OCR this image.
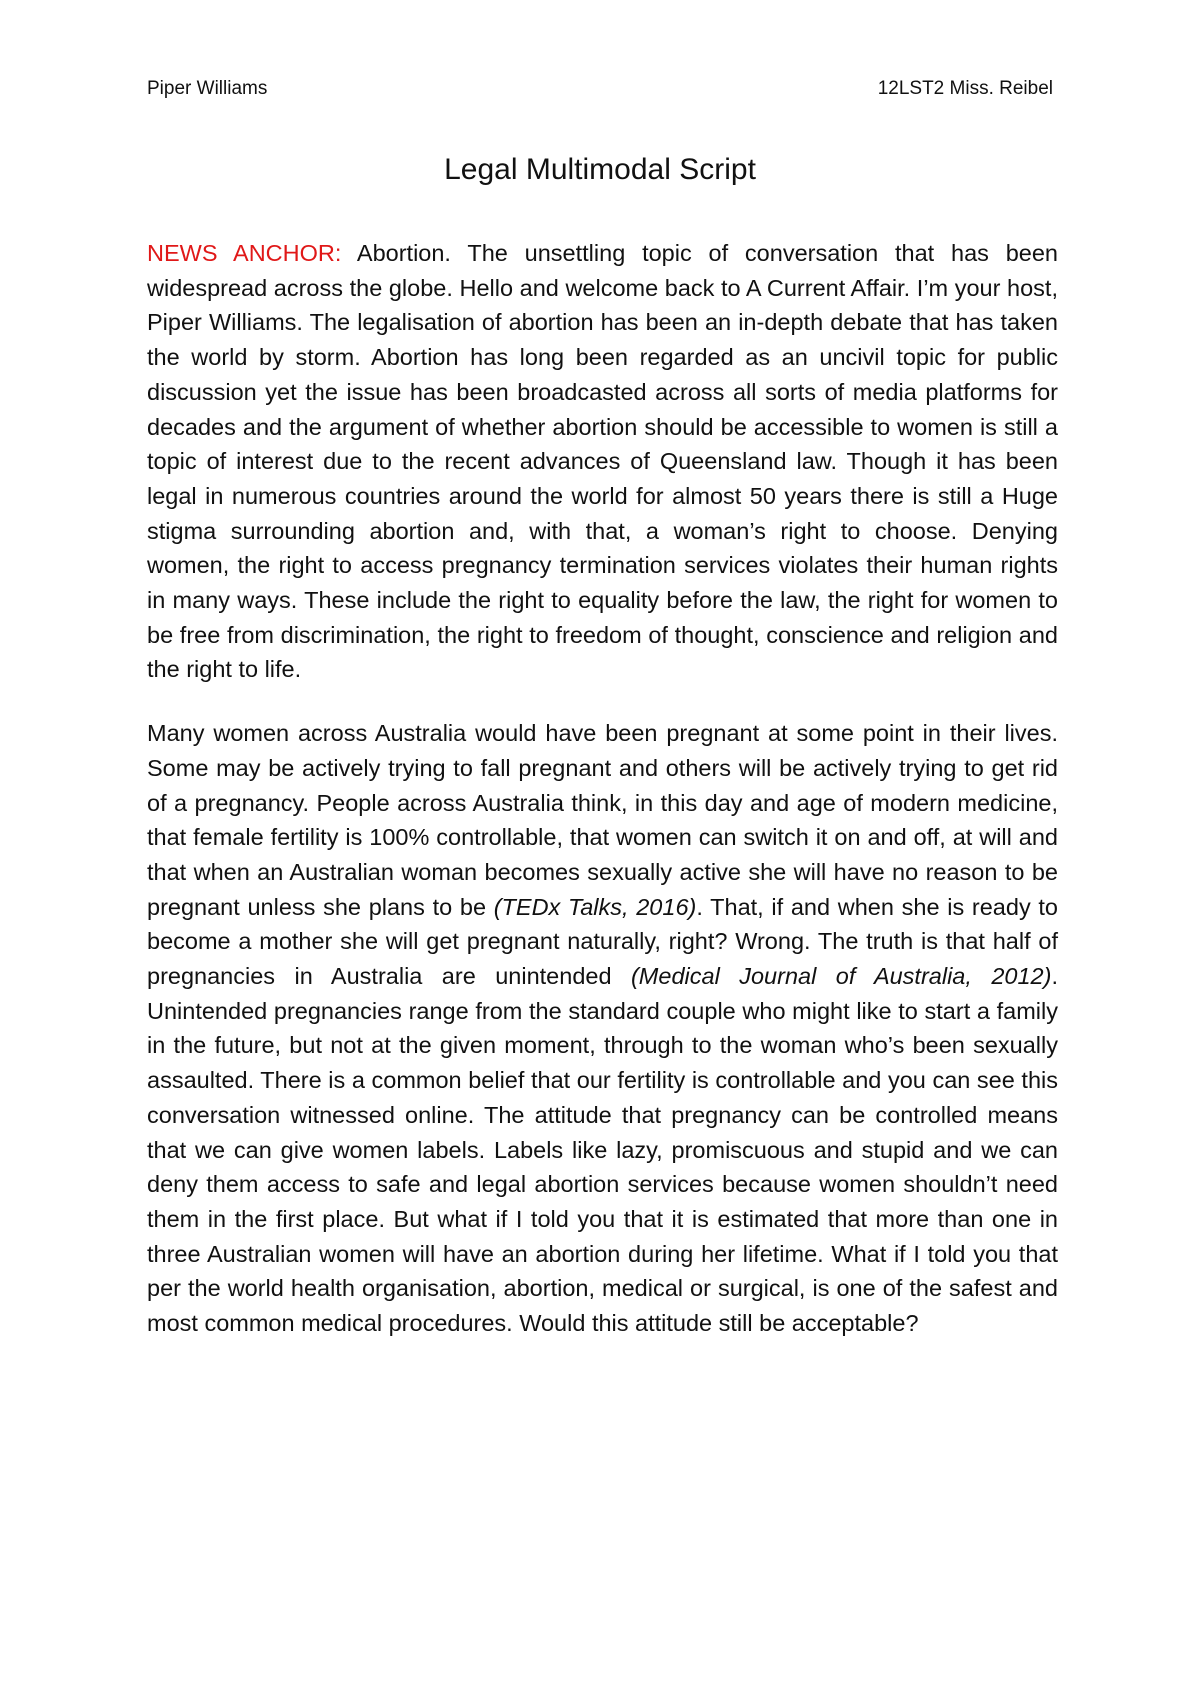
Piper Williams	12LST2 Miss. Reibel
Legal Multimodal Script

NEWS ANCHOR: Abortion. The unsettling topic of conversation that has been widespread across the globe. Hello and welcome back to A Current Affair. I’m your host, Piper Williams. The legalisation of abortion has been an in-depth debate that has taken the world by storm. Abortion has long been regarded as an uncivil topic for public discussion yet the issue has been broadcasted across all sorts of media platforms for decades and the argument of whether abortion should be accessible to women is still a topic of interest due to the recent advances of Queensland law. Though it has been legal in numerous countries around the world for almost 50 years there is still a Huge stigma surrounding abortion and, with that, a woman’s right to choose. Denying women, the right to access pregnancy termination services violates their human rights in many ways. These include the right to equality before the law, the right for women to be free from discrimination, the right to freedom of thought, conscience and religion and the right to life.

Many women across Australia would have been pregnant at some point in their lives. Some may be actively trying to fall pregnant and others will be actively trying to get rid of a pregnancy. People across Australia think, in this day and age of modern medicine, that female fertility is 100% controllable, that women can switch it on and off, at will and that when an Australian woman becomes sexually active she will have no reason to be pregnant unless she plans to be (TEDx Talks, 2016). That, if and when she is ready to become a mother she will get pregnant naturally, right? Wrong. The truth is that half of pregnancies in Australia are unintended (Medical Journal of Australia, 2012). Unintended pregnancies range from the standard couple who might like to start a family in the future, but not at the given moment, through to the woman who’s been sexually assaulted. There is a common belief that our fertility is controllable and you can see this conversation witnessed online. The attitude that pregnancy can be controlled means that we can give women labels. Labels like lazy, promiscuous and stupid and we can deny them access to safe and legal abortion services because women shouldn’t need them in the first place. But what if I told you that it is estimated that more than one in three Australian women will have an abortion during her lifetime. What if I told you that per the world health organisation, abortion, medical or surgical, is one of the safest and most common medical procedures. Would this attitude still be acceptable?
